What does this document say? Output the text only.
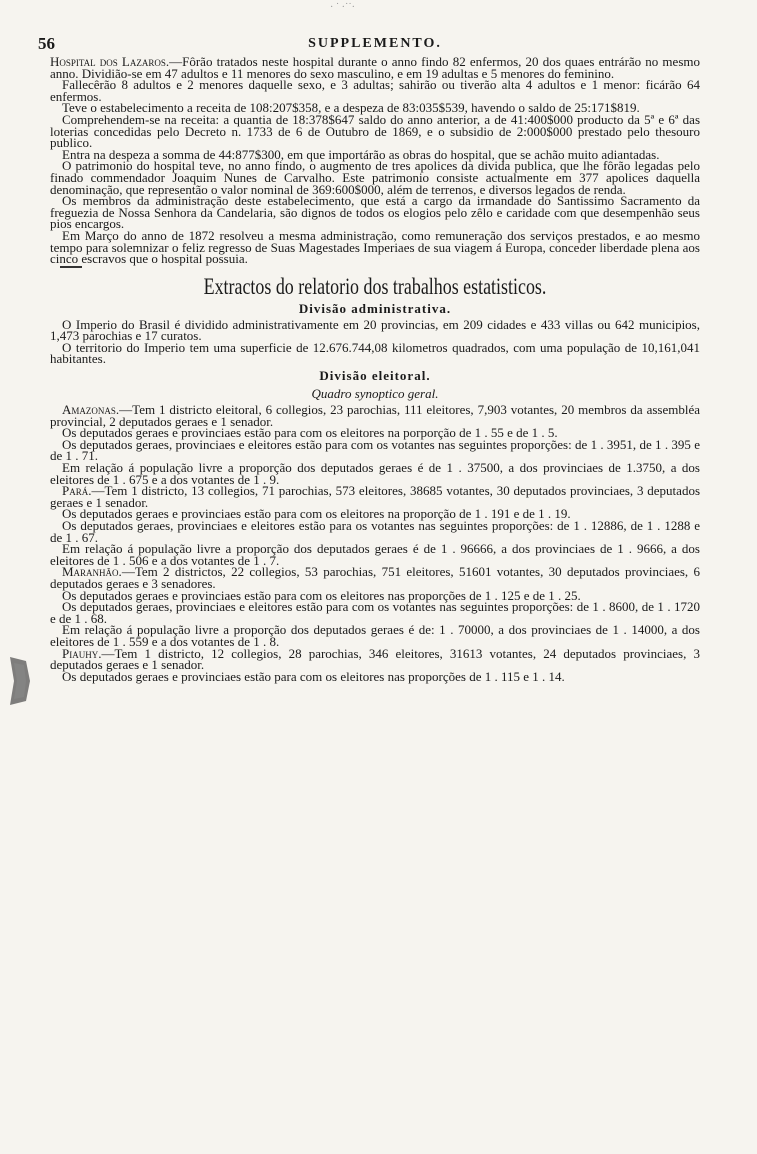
· ˙ ·˙˙·
56	SUPPLEMENTO.

Hospital dos Lazaros.—Fôrão tratados neste hospital durante o anno findo 82 enfermos, 20 dos quaes entrárão no mesmo anno. Dividião-se em 47 adultos e 11 menores do sexo masculino, e em 19 adultas e 5 menores do feminino.

Fallecêrão 8 adultos e 2 menores daquelle sexo, e 3 adultas; sahirão ou tiverão alta 4 adultos e 1 menor: ficárão 64 enfermos.

Teve o estabelecimento a receita de 108:207$358, e a despeza de 83:035$539, havendo o saldo de 25:171$819.

Comprehendem-se na receita: a quantia de 18:378$647 saldo do anno anterior, a de 41:400$000 producto da 5ª e 6ª das loterias concedidas pelo Decreto n. 1733 de 6 de Outubro de 1869, e o subsidio de 2:000$000 prestado pelo thesouro publico.

Entra na despeza a somma de 44:877$300, em que importárão as obras do hospital, que se achão muito adiantadas.

O patrimonio do hospital teve, no anno findo, o augmento de tres apolices da divida publica, que lhe fôrão legadas pelo finado commendador Joaquim Nunes de Carvalho. Este patrimonio consiste actualmente em 377 apolices daquella denominação, que representão o valor nominal de 369:600$000, além de terrenos, e diversos legados de renda.

Os membros da administração deste estabelecimento, que está a cargo da irmandade do Santissimo Sacramento da freguezia de Nossa Senhora da Candelaria, são dignos de todos os elogios pelo zêlo e caridade com que desempenhão seus pios encargos.

Em Março do anno de 1872 resolveu a mesma administração, como remuneração dos serviços prestados, e ao mesmo tempo para solemnizar o feliz regresso de Suas Magestades Imperiaes de sua viagem á Europa, conceder liberdade plena aos cinco escravos que o hospital possuia.

Extractos do relatorio dos trabalhos estatisticos.
Divisão administrativa.

O Imperio do Brasil é dividido administrativamente em 20 provincias, em 209 cidades e 433 villas ou 642 municipios, 1,473 parochias e 17 curatos.

O territorio do Imperio tem uma superficie de 12.676.744,08 kilometros quadrados, com uma população de 10,161,041 habitantes.

Divisão eleitoral.
Quadro synoptico geral.

Amazonas.—Tem 1 districto eleitoral, 6 collegios, 23 parochias, 111 eleitores, 7,903 votantes, 20 membros da assembléa provincial, 2 deputados geraes e 1 senador.

Os deputados geraes e provinciaes estão para com os eleitores na porporção de 1 . 55 e de 1 . 5.

Os deputados geraes, provinciaes e eleitores estão para com os votantes nas seguintes proporções: de 1 . 3951, de 1 . 395 e de 1 . 71.

Em relação á população livre a proporção dos deputados geraes é de 1 . 37500, a dos provinciaes de 1.3750, a dos eleitores de 1 . 675 e a dos votantes de 1 . 9.

Pará.—Tem 1 districto, 13 collegios, 71 parochias, 573 eleitores, 38685 votantes, 30 deputados provinciaes, 3 deputados geraes e 1 senador.

Os deputados geraes e provinciaes estão para com os eleitores na proporção de 1 . 191 e de 1 . 19.

Os deputados geraes, provinciaes e eleitores estão para os votantes nas seguintes proporções: de 1 . 12886, de 1 . 1288 e de 1 . 67.

Em relação á população livre a proporção dos deputados geraes é de 1 . 96666, a dos provinciaes de 1 . 9666, a dos eleitores de 1 . 506 e a dos votantes de 1 . 7.

Maranhão.—Tem 2 districtos, 22 collegios, 53 parochias, 751 eleitores, 51601 votantes, 30 deputados provinciaes, 6 deputados geraes e 3 senadores.

Os deputados geraes e provinciaes estão para com os eleitores nas proporções de 1 . 125 e de 1 . 25.

Os deputados geraes, provinciaes e eleitores estão para com os votantes nas seguintes proporções: de 1 . 8600, de 1 . 1720 e de 1 . 68.

Em relação á população livre a proporção dos deputados geraes é de: 1 . 70000, a dos provinciaes de 1 . 14000, a dos eleitores de 1 . 559 e a dos votantes de 1 . 8.

Piauhy.—Tem 1 districto, 12 collegios, 28 parochias, 346 eleitores, 31613 votantes, 24 deputados provinciaes, 3 deputados geraes e 1 senador.

Os deputados geraes e provinciaes estão para com os eleitores nas proporções de 1 . 115 e 1 . 14.
